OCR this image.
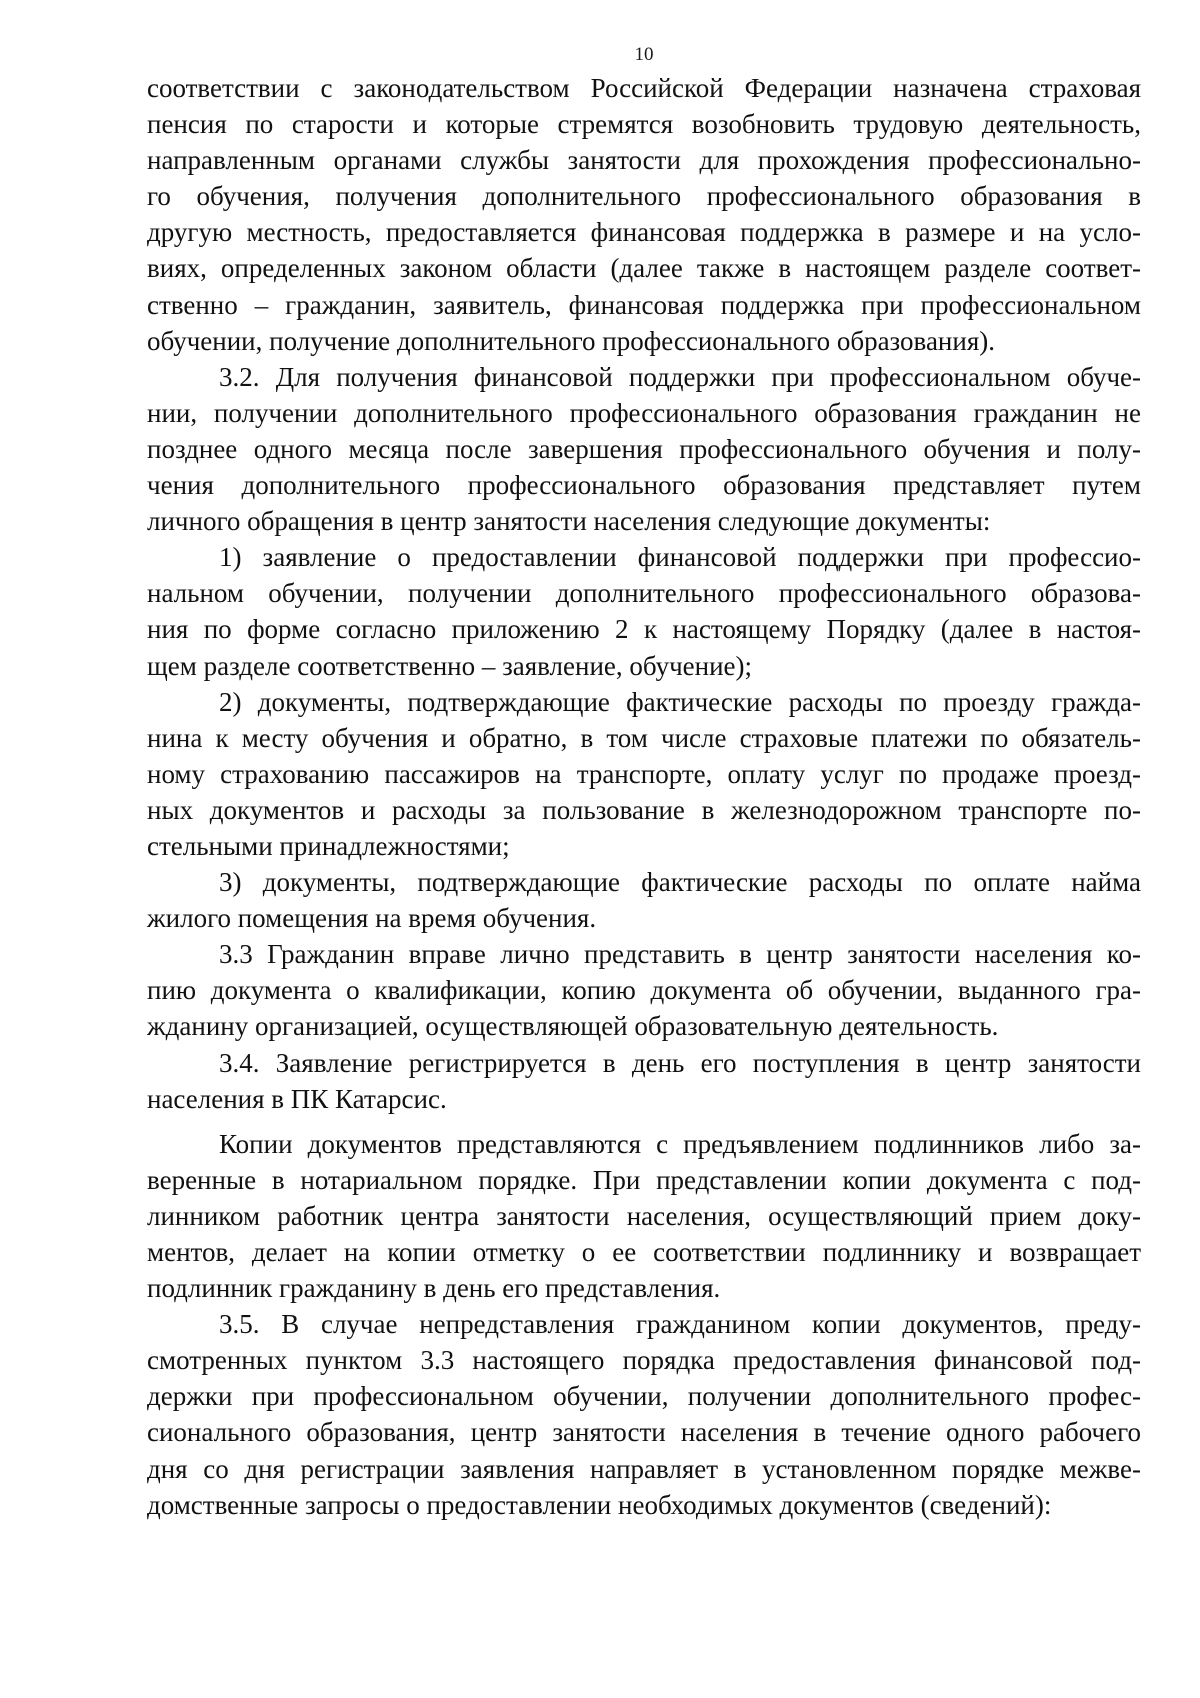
10
соответствии с законодательством Российской Федерации назначена страховая
пенсия по старости и которые стремятся возобновить трудовую деятельность,
направленным органами службы занятости для прохождения профессионально-
го обучения, получения дополнительного профессионального образования в
другую местность, предоставляется финансовая поддержка в размере и на усло-
виях, определенных законом области (далее также в настоящем разделе соответ-
ственно – гражданин, заявитель, финансовая поддержка при профессиональном
обучении, получение дополнительного профессионального образования).
3.2. Для получения финансовой поддержки при профессиональном обуче-
нии, получении дополнительного профессионального образования гражданин не
позднее одного месяца после завершения профессионального обучения и полу-
чения дополнительного профессионального образования представляет путем
личного обращения в центр занятости населения следующие документы:
1) заявление о предоставлении финансовой поддержки при профессио-
нальном обучении, получении дополнительного профессионального образова-
ния по форме согласно приложению 2 к настоящему Порядку (далее в настоя-
щем разделе соответственно – заявление, обучение);
2) документы, подтверждающие фактические расходы по проезду гражда-
нина к месту обучения и обратно, в том числе страховые платежи по обязатель-
ному страхованию пассажиров на транспорте, оплату услуг по продаже проезд-
ных документов и расходы за пользование в железнодорожном транспорте по-
стельными принадлежностями;
3) документы, подтверждающие фактические расходы по оплате найма
жилого помещения на время обучения.
3.3 Гражданин вправе лично представить в центр занятости населения ко-
пию документа о квалификации, копию документа об обучении, выданного гра-
жданину организацией, осуществляющей образовательную деятельность.
3.4. Заявление регистрируется в день его поступления в центр занятости
населения в ПК Катарсис.
Копии документов представляются с предъявлением подлинников либо за-
веренные в нотариальном порядке. При представлении копии документа с под-
линником работник центра занятости населения, осуществляющий прием доку-
ментов, делает на копии отметку о ее соответствии подлиннику и возвращает
подлинник гражданину в день его представления.
3.5. В случае непредставления гражданином копии документов, преду-
смотренных пунктом 3.3 настоящего порядка предоставления финансовой под-
держки при профессиональном обучении, получении дополнительного профес-
сионального образования, центр занятости населения в течение одного рабочего
дня со дня регистрации заявления направляет в установленном порядке межве-
домственные запросы о предоставлении необходимых документов (сведений):
